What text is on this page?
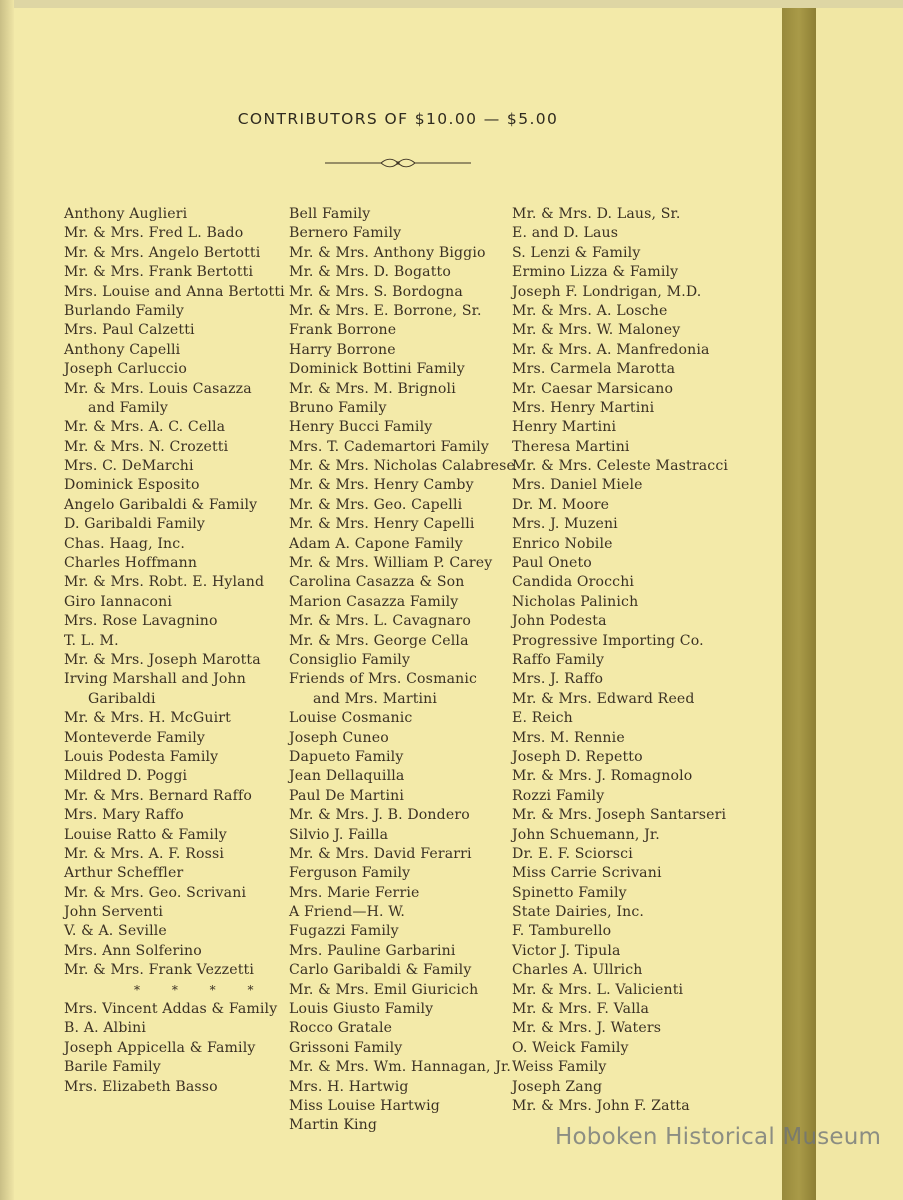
CONTRIBUTORS OF $10.00 — $5.00
Anthony Auglieri
Mr. & Mrs. Fred L. Bado
Mr. & Mrs. Angelo Bertotti
Mr. & Mrs. Frank Bertotti
Mrs. Louise and Anna Bertotti
Burlando Family
Mrs. Paul Calzetti
Anthony Capelli
Joseph Carluccio
Mr. & Mrs. Louis Casazza
and Family
Mr. & Mrs. A. C. Cella
Mr. & Mrs. N. Crozetti
Mrs. C. DeMarchi
Dominick Esposito
Angelo Garibaldi & Family
D. Garibaldi Family
Chas. Haag, Inc.
Charles Hoffmann
Mr. & Mrs. Robt. E. Hyland
Giro Iannaconi
Mrs. Rose Lavagnino
T. L. M.
Mr. & Mrs. Joseph Marotta
Irving Marshall and John
Garibaldi
Mr. & Mrs. H. McGuirt
Monteverde Family
Louis Podesta Family
Mildred D. Poggi
Mr. & Mrs. Bernard Raffo
Mrs. Mary Raffo
Louise Ratto & Family
Mr. & Mrs. A. F. Rossi
Arthur Scheffler
Mr. & Mrs. Geo. Scrivani
John Serventi
V. & A. Seville
Mrs. Ann Solferino
Mr. & Mrs. Frank Vezzetti
* * * *
Mrs. Vincent Addas & Family
B. A. Albini
Joseph Appicella & Family
Barile Family
Mrs. Elizabeth Basso
Bell Family
Bernero Family
Mr. & Mrs. Anthony Biggio
Mr. & Mrs. D. Bogatto
Mr. & Mrs. S. Bordogna
Mr. & Mrs. E. Borrone, Sr.
Frank Borrone
Harry Borrone
Dominick Bottini Family
Mr. & Mrs. M. Brignoli
Bruno Family
Henry Bucci Family
Mrs. T. Cademartori Family
Mr. & Mrs. Nicholas Calabrese
Mr. & Mrs. Henry Camby
Mr. & Mrs. Geo. Capelli
Mr. & Mrs. Henry Capelli
Adam A. Capone Family
Mr. & Mrs. William P. Carey
Carolina Casazza & Son
Marion Casazza Family
Mr. & Mrs. L. Cavagnaro
Mr. & Mrs. George Cella
Consiglio Family
Friends of Mrs. Cosmanic
and Mrs. Martini
Louise Cosmanic
Joseph Cuneo
Dapueto Family
Jean Dellaquilla
Paul De Martini
Mr. & Mrs. J. B. Dondero
Silvio J. Failla
Mr. & Mrs. David Ferarri
Ferguson Family
Mrs. Marie Ferrie
A Friend—H. W.
Fugazzi Family
Mrs. Pauline Garbarini
Carlo Garibaldi & Family
Mr. & Mrs. Emil Giuricich
Louis Giusto Family
Rocco Gratale
Grissoni Family
Mr. & Mrs. Wm. Hannagan, Jr.
Mrs. H. Hartwig
Miss Louise Hartwig
Martin King
Mr. & Mrs. D. Laus, Sr.
E. and D. Laus
S. Lenzi & Family
Ermino Lizza & Family
Joseph F. Londrigan, M.D.
Mr. & Mrs. A. Losche
Mr. & Mrs. W. Maloney
Mr. & Mrs. A. Manfredonia
Mrs. Carmela Marotta
Mr. Caesar Marsicano
Mrs. Henry Martini
Henry Martini
Theresa Martini
Mr. & Mrs. Celeste Mastracci
Mrs. Daniel Miele
Dr. M. Moore
Mrs. J. Muzeni
Enrico Nobile
Paul Oneto
Candida Orocchi
Nicholas Palinich
John Podesta
Progressive Importing Co.
Raffo Family
Mrs. J. Raffo
Mr. & Mrs. Edward Reed
E. Reich
Mrs. M. Rennie
Joseph D. Repetto
Mr. & Mrs. J. Romagnolo
Rozzi Family
Mr. & Mrs. Joseph Santarseri
John Schuemann, Jr.
Dr. E. F. Sciorsci
Miss Carrie Scrivani
Spinetto Family
State Dairies, Inc.
F. Tamburello
Victor J. Tipula
Charles A. Ullrich
Mr. & Mrs. L. Valicienti
Mr. & Mrs. F. Valla
Mr. & Mrs. J. Waters
O. Weick Family
Weiss Family
Joseph Zang
Mr. & Mrs. John F. Zatta
Hoboken Historical Museum
